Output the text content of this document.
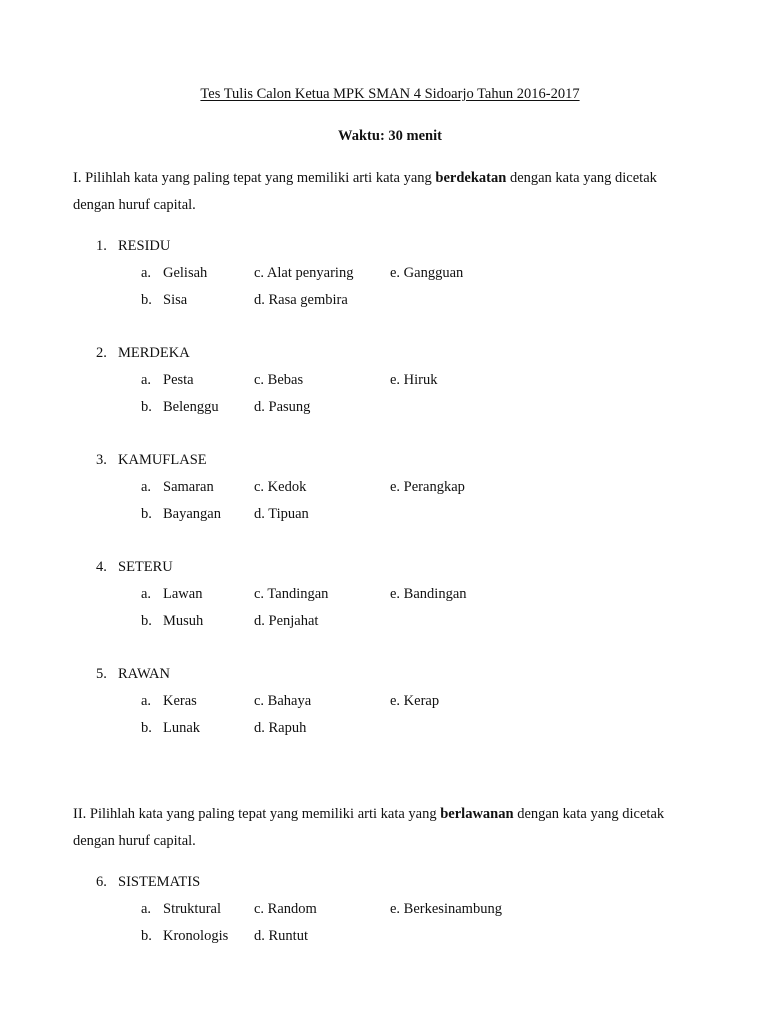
Tes Tulis Calon Ketua MPK SMAN 4 Sidoarjo Tahun 2016-2017
Waktu: 30 menit
I. Pilihlah kata yang paling tepat yang memiliki arti kata yang berdekatan dengan kata yang dicetak
dengan huruf capital.
1. RESIDU
a. Gelisah
b. Sisa
c. Alat penyaring
d. Rasa gembira
e. Gangguan
2. MERDEKA
a. Pesta
b. Belenggu
c. Bebas
d. Pasung
e. Hiruk
3. KAMUFLASE
a. Samaran
b. Bayangan
c. Kedok
d. Tipuan
e. Perangkap
4. SETERU
a. Lawan
b. Musuh
c. Tandingan
d. Penjahat
e. Bandingan
5. RAWAN
a. Keras
b. Lunak
c. Bahaya
d. Rapuh
e. Kerap
II. Pilihlah kata yang paling tepat yang memiliki arti kata yang berlawanan dengan kata yang dicetak
dengan huruf capital.
6. SISTEMATIS
a. Struktural
b. Kronologis
c. Random
d. Runtut
e. Berkesinambung
